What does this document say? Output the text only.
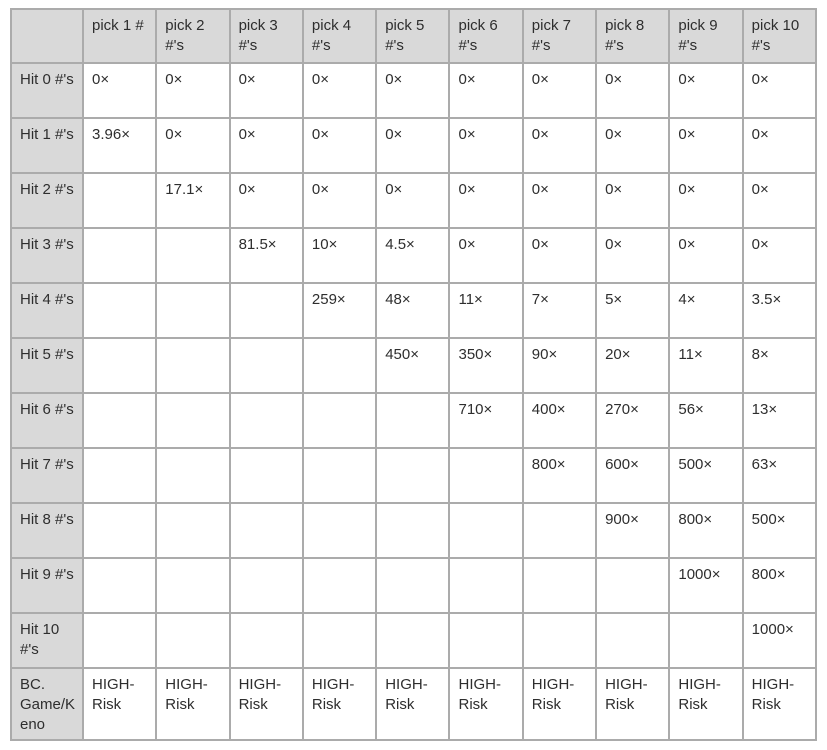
	pick 1 #	pick 2 #'s	pick 3 #'s	pick 4 #'s	pick 5 #'s	pick 6 #'s	pick 7 #'s	pick 8 #'s	pick 9 #'s	pick 10 #'s
Hit 0 #'s	0×	0×	0×	0×	0×	0×	0×	0×	0×	0×
Hit 1 #'s	3.96×	0×	0×	0×	0×	0×	0×	0×	0×	0×
Hit 2 #'s		17.1×	0×	0×	0×	0×	0×	0×	0×	0×
Hit 3 #'s			81.5×	10×	4.5×	0×	0×	0×	0×	0×
Hit 4 #'s				259×	48×	11×	7×	5×	4×	3.5×
Hit 5 #'s					450×	350×	90×	20×	11×	8×
Hit 6 #'s						710×	400×	270×	56×	13×
Hit 7 #'s							800×	600×	500×	63×
Hit 8 #'s								900×	800×	500×
Hit 9 #'s									1000×	800×
Hit 10 #'s										1000×
BC. Game/Keno	HIGH-Risk	HIGH-Risk	HIGH-Risk	HIGH-Risk	HIGH-Risk	HIGH-Risk	HIGH-Risk	HIGH-Risk	HIGH-Risk	HIGH-Risk
